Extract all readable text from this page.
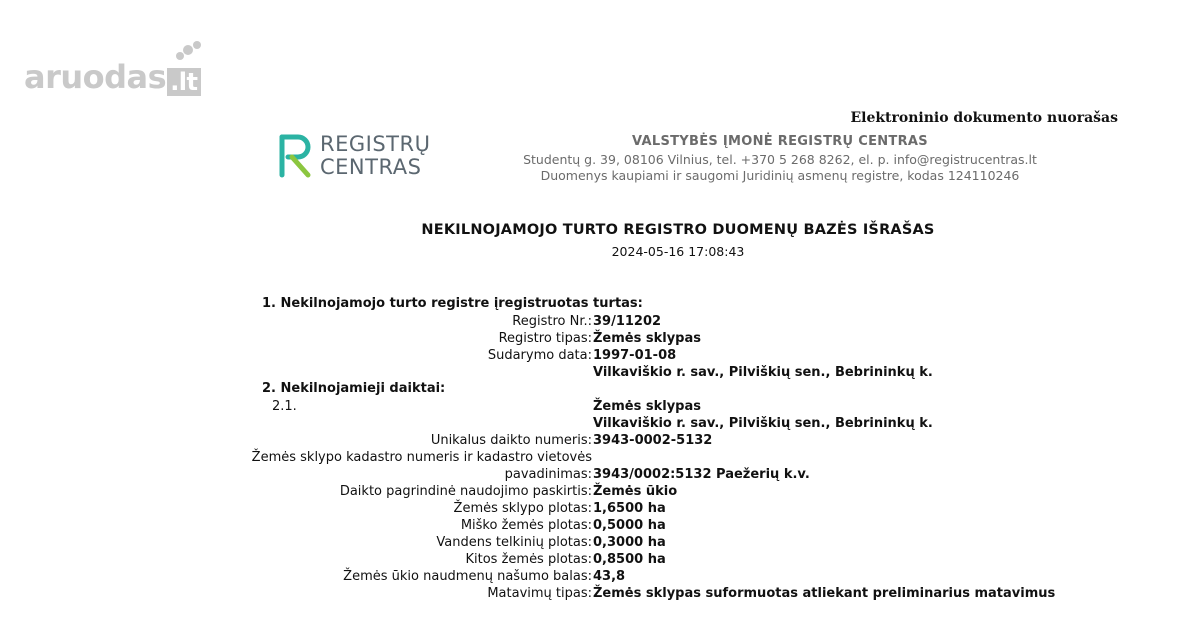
aruodas .lt
Elektroninio dokumento nuorašas
REGISTRŲ
CENTRAS
VALSTYBĖS ĮMONĖ REGISTRŲ CENTRAS
Studentų g. 39, 08106 Vilnius, tel. +370 5 268 8262, el. p. info@registrucentras.lt
Duomenys kaupiami ir saugomi Juridinių asmenų registre, kodas 124110246
NEKILNOJAMOJO TURTO REGISTRO DUOMENŲ BAZĖS IŠRAŠAS
2024-05-16 17:08:43
1. Nekilnojamojo turto registre įregistruotas turtas:
Registro Nr.: 39/11202
Registro tipas: Žemės sklypas
Sudarymo data: 1997-01-08
Vilkaviškio r. sav., Pilviškių sen., Bebrininkų k.
2. Nekilnojamieji daiktai:
2.1.	Žemės sklypas
Vilkaviškio r. sav., Pilviškių sen., Bebrininkų k.
Unikalus daikto numeris: 3943-0002-5132
Žemės sklypo kadastro numeris ir kadastro vietovės
pavadinimas: 3943/0002:5132 Paežerių k.v.
Daikto pagrindinė naudojimo paskirtis: Žemės ūkio
Žemės sklypo plotas: 1,6500 ha
Miško žemės plotas: 0,5000 ha
Vandens telkinių plotas: 0,3000 ha
Kitos žemės plotas: 0,8500 ha
Žemės ūkio naudmenų našumo balas: 43,8
Matavimų tipas: Žemės sklypas suformuotas atliekant preliminarius matavimus
